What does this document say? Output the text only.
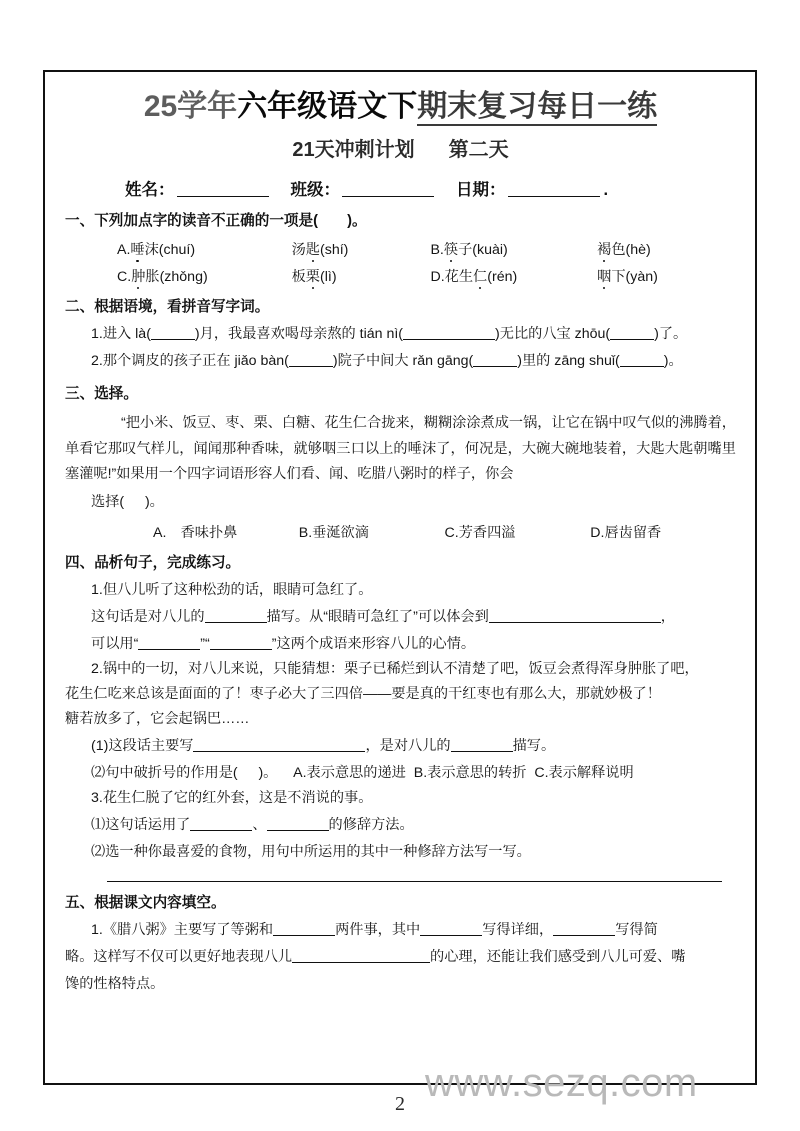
25学年六年级语文下期末复习每日一练
21天冲刺计划 第二天
姓名：	班级：	日期：	.
一、下列加点字的读音不正确的一项是(　　)。
A.唾沫(chuí)	汤匙(shí)	B.筷子(kuài)	褐色(hè)
C.肿胀(zhǒng)	板栗(lì)	D.花生仁(rén)	咽下(yàn)
二、根据语境，看拼音写字词。
1.进入 là(	)月，我最喜欢喝母亲熬的 tián nì(	)无比的八宝 zhōu(	)了。
2.那个调皮的孩子正在 jiǎo bàn(	)院子中间大 rǎn gāng(	)里的 zāng shuǐ(	)。
三、选择。
“把小米、饭豆、枣、栗、白糖、花生仁合拢来，糊糊涂涂煮成一锅，让它在锅中叹气似的沸腾着，单看它那叹气样儿，闻闻那种香味，就够咽三口以上的唾沫了，何况是，大碗大碗地装着，大匙大匙朝嘴里塞灌呢!”如果用一个四字词语形容人们看、闻、吃腊八粥时的样子，你会
选择( )。
A.　香味扑鼻	B.垂涎欲滴	C.芳香四溢	D.唇齿留香
四、品析句子，完成练习。
1.但八儿听了这种松劲的话，眼睛可急红了。
这句话是对八儿的	描写。从“眼睛可急红了”可以体会到	，
可以用“	”“	”这两个成语来形容八儿的心情。
2.锅中的一切，对八儿来说，只能猜想：栗子已稀烂到认不清楚了吧，饭豆会煮得浑身肿胀了吧，
花生仁吃来总该是面面的了！枣子必大了三四倍——要是真的干红枣也有那么大，那就妙极了！
糖若放多了，它会起锅巴……
(1)这段话主要写	，是对八儿的	描写。
⑵句中破折号的作用是( )。 A.表示意思的递进 B.表示意思的转折 C.表示解释说明
3.花生仁脱了它的红外套，这是不消说的事。
⑴这句话运用了	、	的修辞方法。
⑵选一种你最喜爱的食物，用句中所运用的其中一种修辞方法写一写。
五、根据课文内容填空。
1.《腊八粥》主要写了等粥和	两件事，其中	写得详细，	写得简
略。这样写不仅可以更好地表现八儿	的心理，还能让我们感受到八儿可爱、嘴
馋的性格特点。
www.sezq.com
2
